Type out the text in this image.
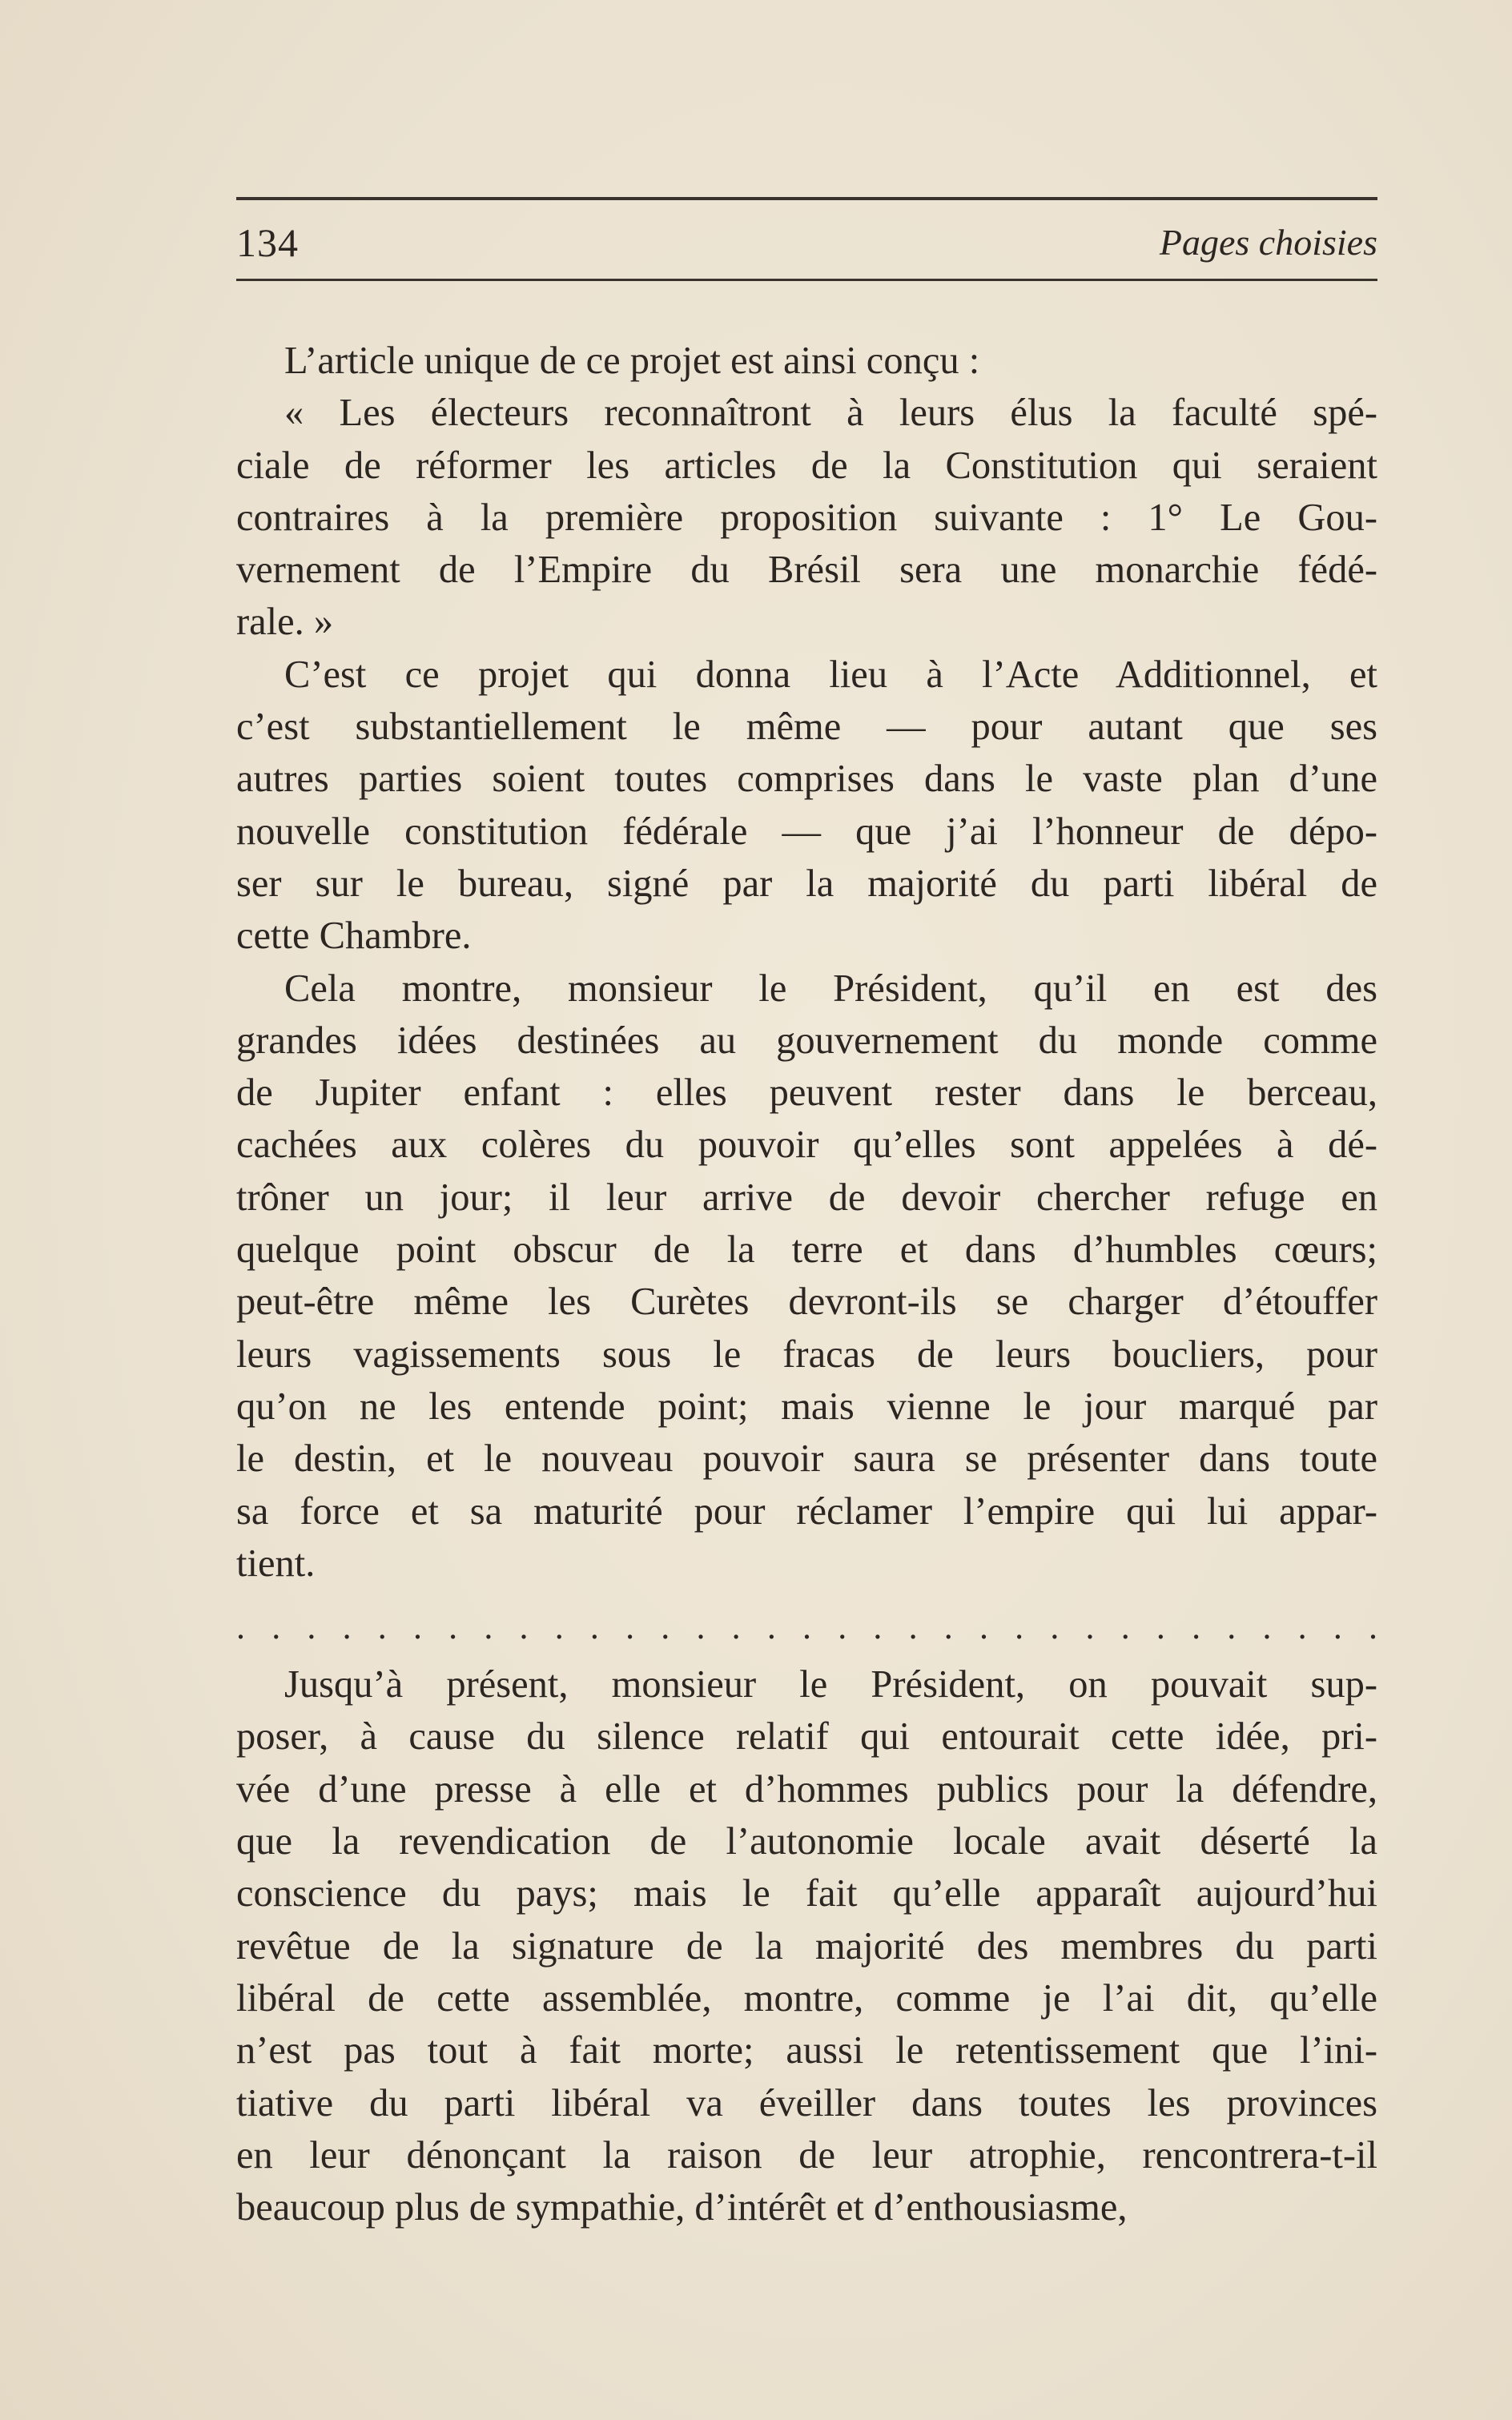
134	Pages choisies
L’article unique de ce projet est ainsi conçu :
« Les électeurs reconnaîtront à leurs élus la faculté spé-
ciale de réformer les articles de la Constitution qui seraient
contraires à la première proposition suivante : 1° Le Gou-
vernement de l’Empire du Brésil sera une monarchie fédé-
rale. »
C’est ce projet qui donna lieu à l’Acte Additionnel, et
c’est substantiellement le même — pour autant que ses
autres parties soient toutes comprises dans le vaste plan d’une
nouvelle constitution fédérale — que j’ai l’honneur de dépo-
ser sur le bureau, signé par la majorité du parti libéral de
cette Chambre.
Cela montre, monsieur le Président, qu’il en est des
grandes idées destinées au gouvernement du monde comme
de Jupiter enfant : elles peuvent rester dans le berceau,
cachées aux colères du pouvoir qu’elles sont appelées à dé-
trôner un jour; il leur arrive de devoir chercher refuge en
quelque point obscur de la terre et dans d’humbles cœurs;
peut-être même les Curètes devront-ils se charger d’étouffer
leurs vagissements sous le fracas de leurs boucliers, pour
qu’on ne les entende point; mais vienne le jour marqué par
le destin, et le nouveau pouvoir saura se présenter dans toute
sa force et sa maturité pour réclamer l’empire qui lui appar-
tient.
. . . . . . . . . . . . . . . . . . . . . . . . . . . . . . . . .
Jusqu’à présent, monsieur le Président, on pouvait sup-
poser, à cause du silence relatif qui entourait cette idée, pri-
vée d’une presse à elle et d’hommes publics pour la défendre,
que la revendication de l’autonomie locale avait déserté la
conscience du pays; mais le fait qu’elle apparaît aujourd’hui
revêtue de la signature de la majorité des membres du parti
libéral de cette assemblée, montre, comme je l’ai dit, qu’elle
n’est pas tout à fait morte; aussi le retentissement que l’ini-
tiative du parti libéral va éveiller dans toutes les provinces
en leur dénonçant la raison de leur atrophie, rencontrera-t-il
beaucoup plus de sympathie, d’intérêt et d’enthousiasme,
